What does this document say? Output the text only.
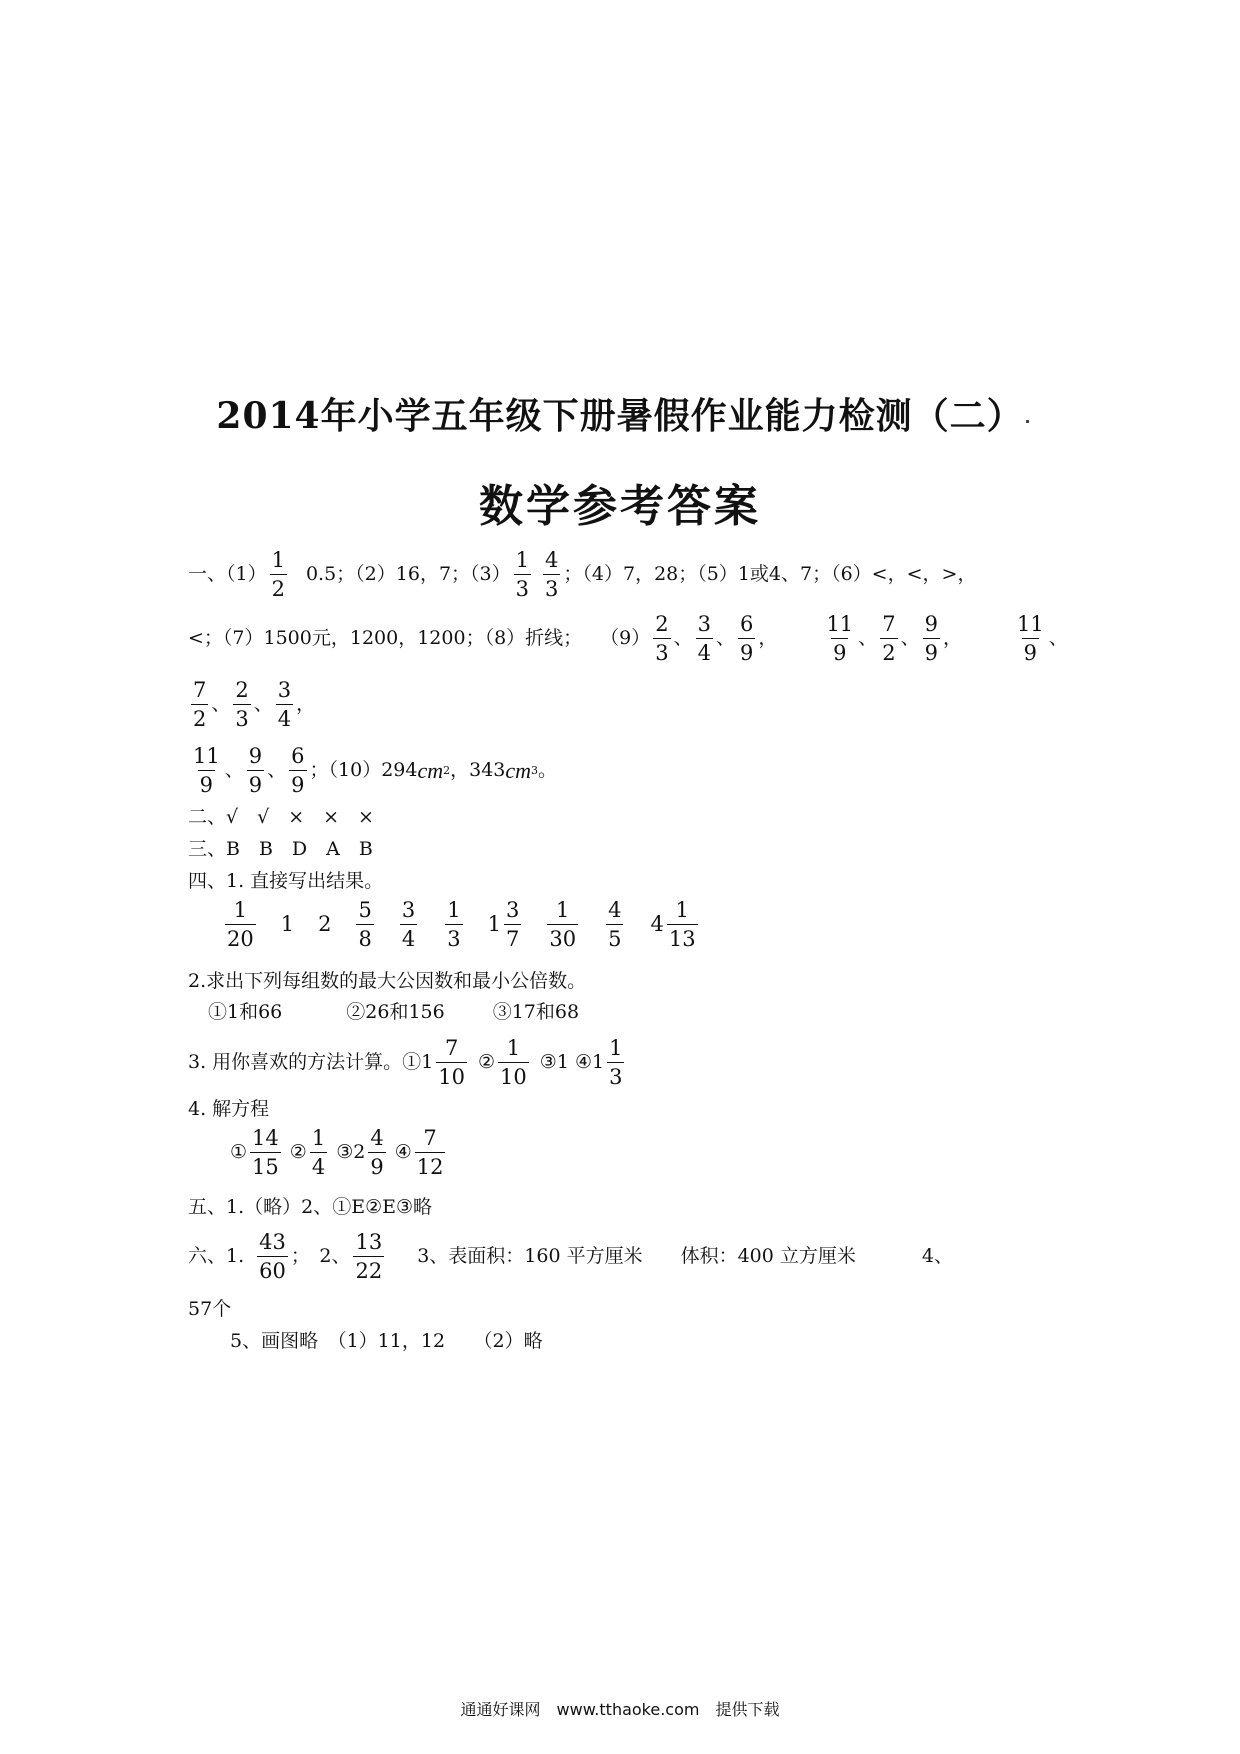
2014年小学五年级下册暑假作业能力检测（二）
数学参考答案
一、$(1) \frac{1}{2} 0.5$；（2）16，7；$(3) \frac{1}{3} \frac{4}{3}$ ；（4）7，28；（5）1或4、7；（6）<，<，>，
<；（7）1500元，1200，1200；（8）折线； $(9) \frac{2}{3}$ 、 $\frac{3}{4}$ 、 $\frac{6}{9}$ ， $\frac{11}{9}$ 、 $\frac{7}{2}$ 、 $\frac{9}{9}$ ，	$\frac{11}{9}$ 、
$\frac{7}{2}$ 、 $\frac{2}{3}$ 、 $\frac{3}{4}$ ，
$\frac{11}{9}$ 、 $\frac{9}{9}$ 、 $\frac{6}{9}$ ；（10）294 cm 2 ，343 cm 3 。
二、√　√　×　×　×
三、B　B　D　A　B
四、1. 直接写出结果。
$\frac{1}{20} 1$ $2 \frac{5}{8} \frac{3}{4} \frac{1}{3} 1 \frac{3}{7} \frac{1}{30} \frac{4}{5} 4 \frac{1}{13}$
2.求出下列每组数的最大公因数和最小公倍数。
①1和66	②26和156	③17和68
3. 用你喜欢的方法计算。①1 $\frac{7}{10}$ ② $\frac{1}{10}$ ③1 ④1 $\frac{1}{3}$
4. 解方程
① $\frac{14}{15}$ ② $\frac{1}{4}$ ③2 $\frac{4}{9}$ ④ $\frac{7}{12}$
五、1.（略）2、①E②E③略
六、1. $\frac{43}{60}$ ；　2、 $\frac{13}{22} 3$、表面积：160 平方厘米　　体积：400 立方厘米	4、
57个
5、画图略　（1）11，12　　（2）略
通通好课网　www.tthaoke.com　提供下载
